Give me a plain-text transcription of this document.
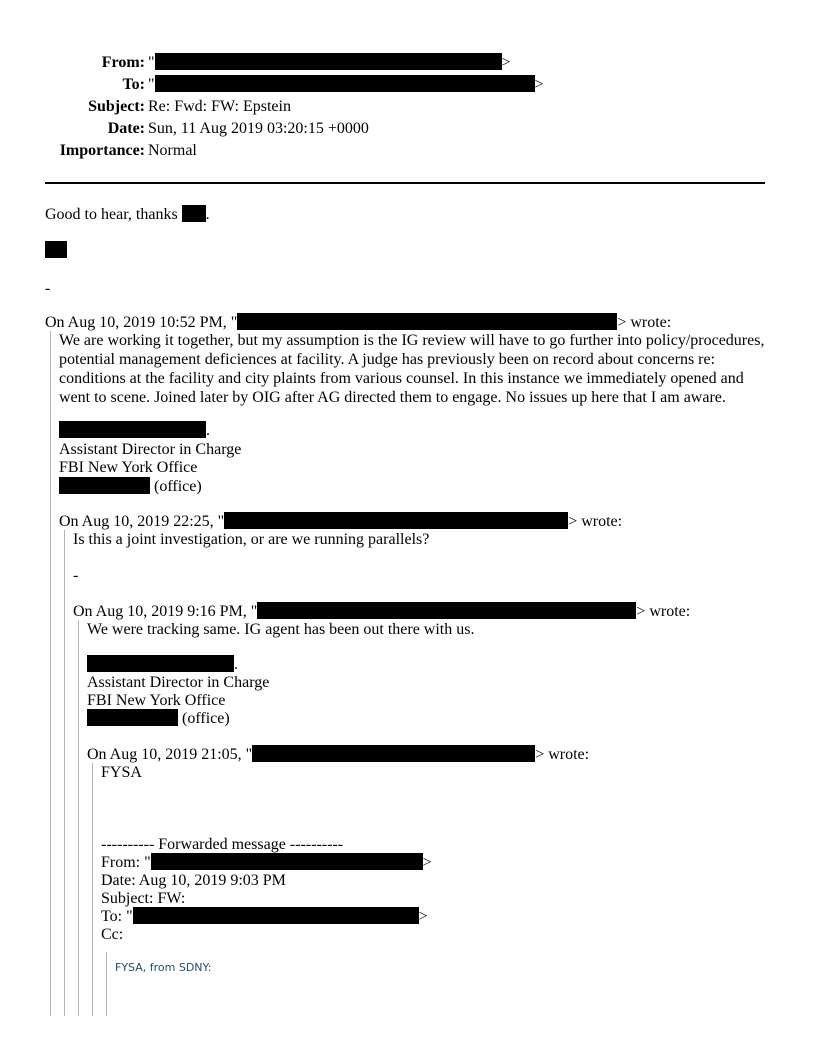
From: "	>
To: "	>
Subject: Re: Fwd: FW: Epstein
Date: Sun, 11 Aug 2019 03:20:15 +0000
Importance: Normal
Good to hear, thanks .
-
On Aug 10, 2019 10:52 PM, "	> wrote:
We are working it together, but my assumption is the IG review will have to go further into policy/procedures, potential management deficiences at facility. A judge has previously been on record about concerns re: conditions at the facility and city plaints from various counsel. In this instance we immediately opened and went to scene. Joined later by OIG after AG directed them to engage. No issues up here that I am aware.
.
Assistant Director in Charge
FBI New York Office
(office)
On Aug 10, 2019 22:25, "	> wrote:
Is this a joint investigation, or are we running parallels?
-
On Aug 10, 2019 9:16 PM, "	> wrote:
We were tracking same. IG agent has been out there with us.
.
Assistant Director in Charge
FBI New York Office
(office)
On Aug 10, 2019 21:05, "	> wrote:
FYSA
---------- Forwarded message ----------
From: "	>
Date: Aug 10, 2019 9:03 PM
Subject: FW:
To: "	>
Cc:
FYSA, from SDNY:
